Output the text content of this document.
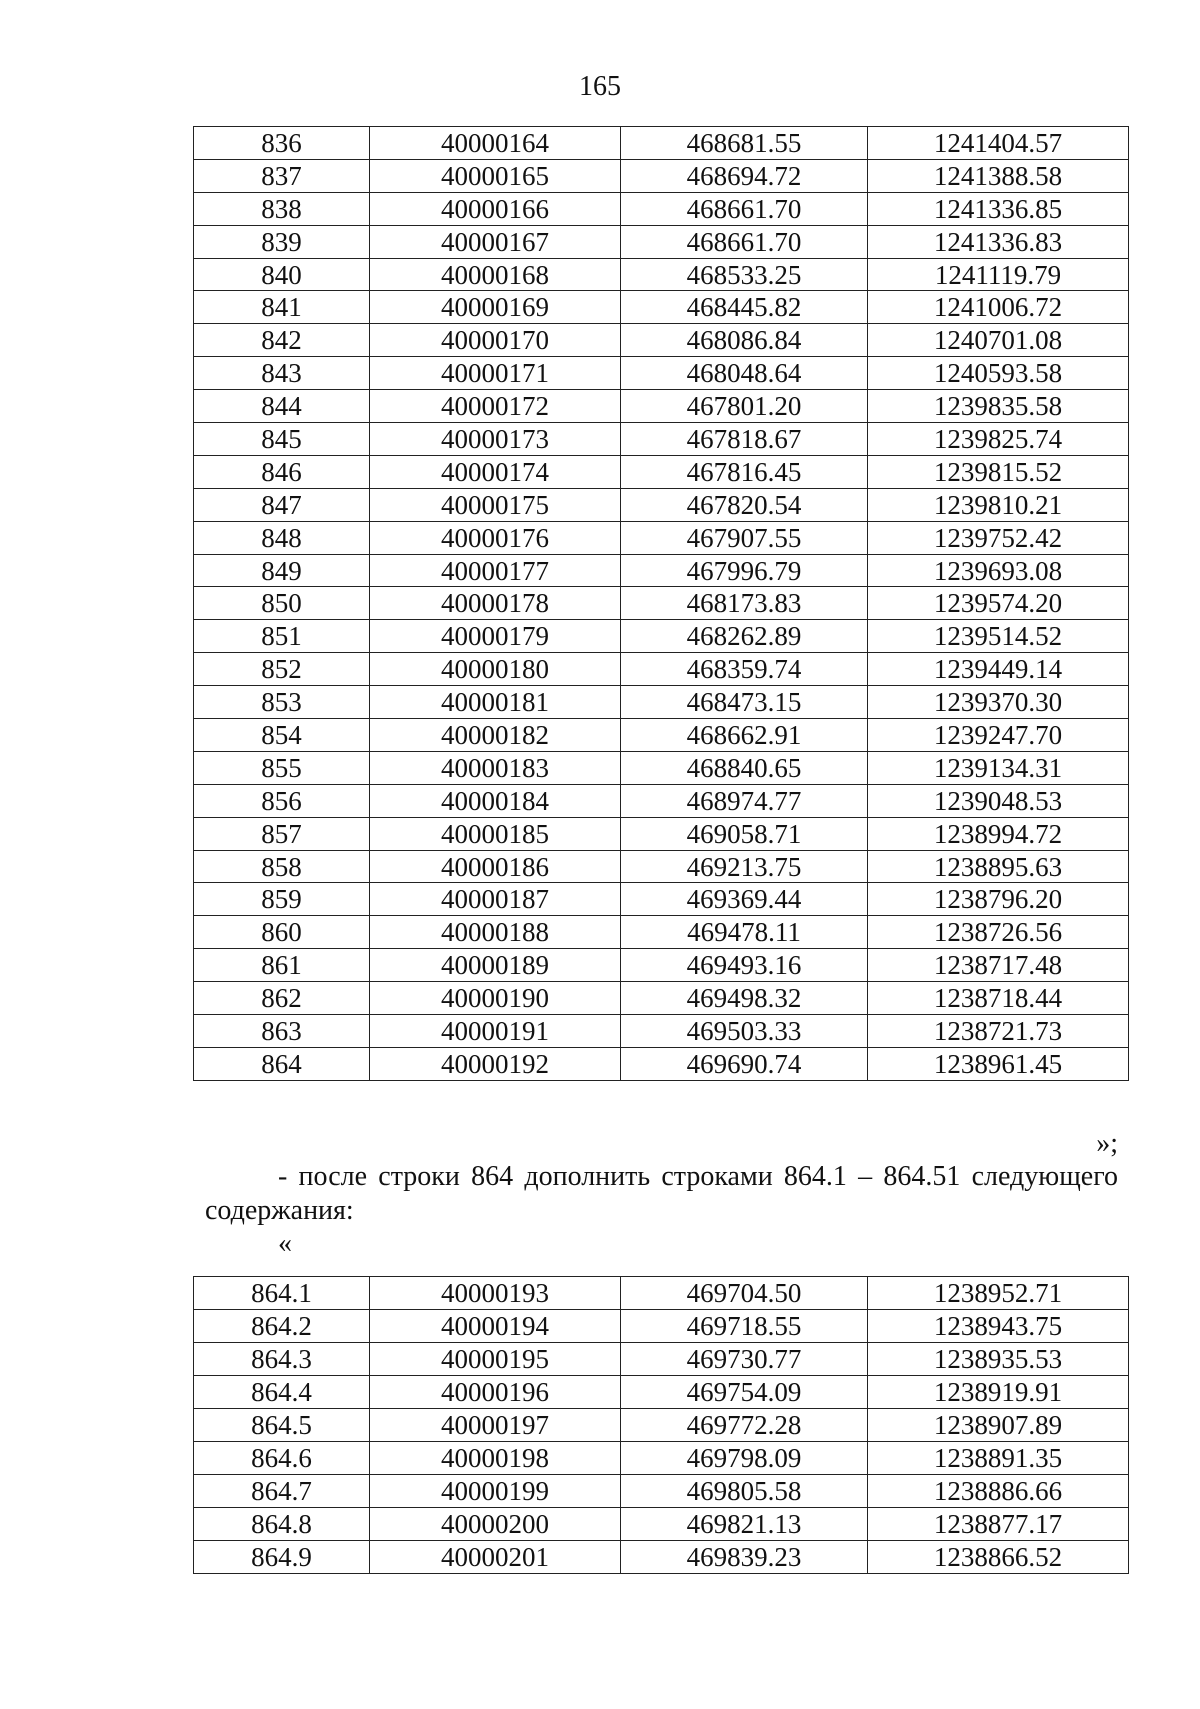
165
836	40000164	468681.55	1241404.57
837	40000165	468694.72	1241388.58
838	40000166	468661.70	1241336.85
839	40000167	468661.70	1241336.83
840	40000168	468533.25	1241119.79
841	40000169	468445.82	1241006.72
842	40000170	468086.84	1240701.08
843	40000171	468048.64	1240593.58
844	40000172	467801.20	1239835.58
845	40000173	467818.67	1239825.74
846	40000174	467816.45	1239815.52
847	40000175	467820.54	1239810.21
848	40000176	467907.55	1239752.42
849	40000177	467996.79	1239693.08
850	40000178	468173.83	1239574.20
851	40000179	468262.89	1239514.52
852	40000180	468359.74	1239449.14
853	40000181	468473.15	1239370.30
854	40000182	468662.91	1239247.70
855	40000183	468840.65	1239134.31
856	40000184	468974.77	1239048.53
857	40000185	469058.71	1238994.72
858	40000186	469213.75	1238895.63
859	40000187	469369.44	1238796.20
860	40000188	469478.11	1238726.56
861	40000189	469493.16	1238717.48
862	40000190	469498.32	1238718.44
863	40000191	469503.33	1238721.73
864	40000192	469690.74	1238961.45
»;
- после строки 864 дополнить строками 864.1 – 864.51 следующего содержания:
«
864.1	40000193	469704.50	1238952.71
864.2	40000194	469718.55	1238943.75
864.3	40000195	469730.77	1238935.53
864.4	40000196	469754.09	1238919.91
864.5	40000197	469772.28	1238907.89
864.6	40000198	469798.09	1238891.35
864.7	40000199	469805.58	1238886.66
864.8	40000200	469821.13	1238877.17
864.9	40000201	469839.23	1238866.52
